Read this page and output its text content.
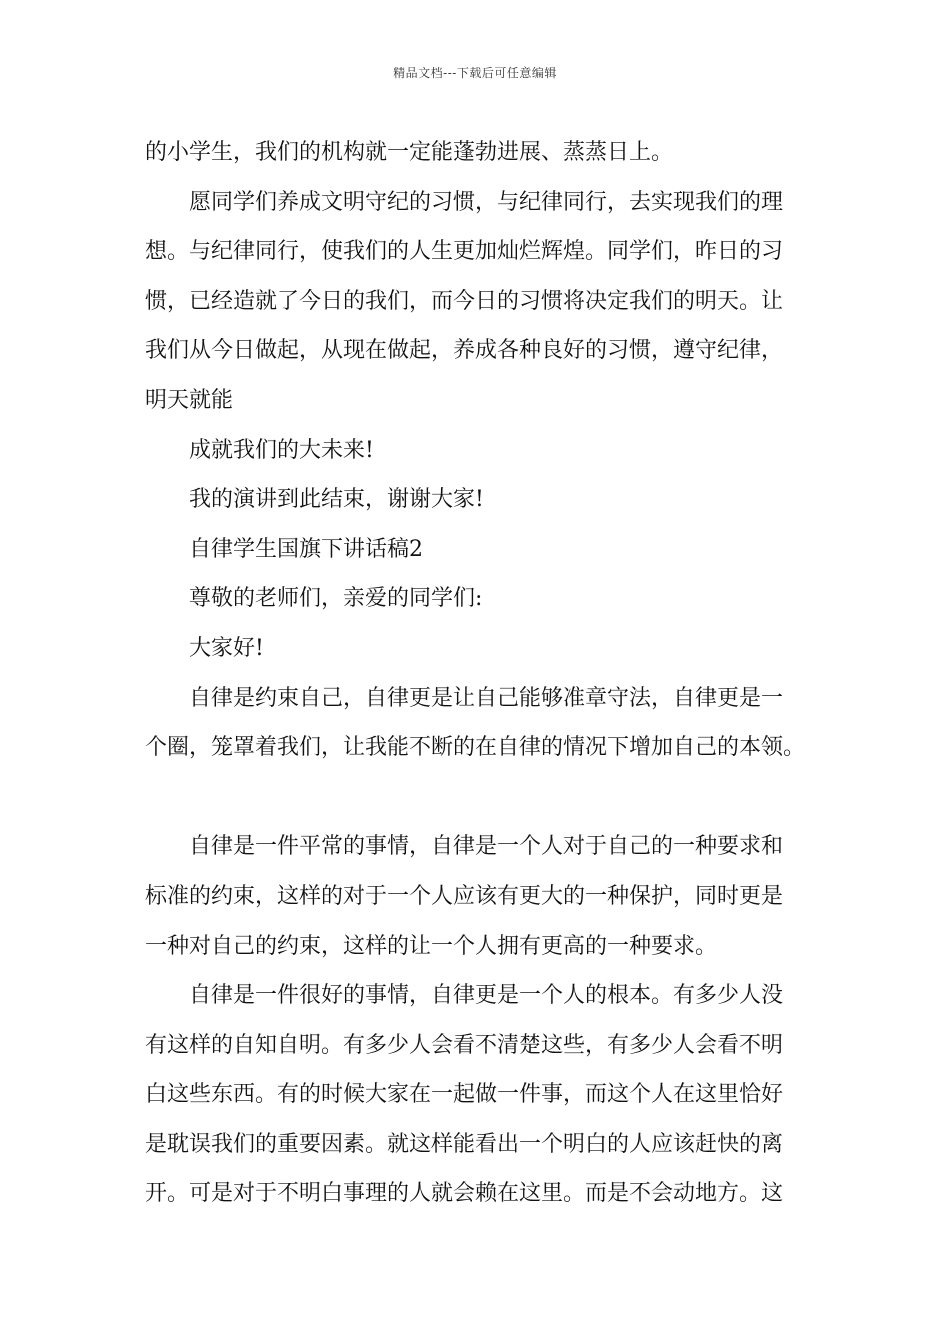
精品文档---下载后可任意编辑
的小学生，我们的机构就一定能蓬勃进展、蒸蒸日上。
愿同学们养成文明守纪的习惯，与纪律同行，去实现我们的理
想。与纪律同行，使我们的人生更加灿烂辉煌。同学们，昨日的习
惯，已经造就了今日的我们，而今日的习惯将决定我们的明天。让
我们从今日做起，从现在做起，养成各种良好的习惯，遵守纪律，
明天就能
成就我们的大未来!
我的演讲到此结束，谢谢大家!
自律学生国旗下讲话稿2
尊敬的老师们，亲爱的同学们:
大家好!
自律是约束自己，自律更是让自己能够准章守法，自律更是一
个圈，笼罩着我们，让我能不断的在自律的情况下增加自己的本领。
自律是一件平常的事情，自律是一个人对于自己的一种要求和
标准的约束，这样的对于一个人应该有更大的一种保护，同时更是
一种对自己的约束，这样的让一个人拥有更高的一种要求。
自律是一件很好的事情，自律更是一个人的根本。有多少人没
有这样的自知自明。有多少人会看不清楚这些，有多少人会看不明
白这些东西。有的时候大家在一起做一件事，而这个人在这里恰好
是耽误我们的重要因素。就这样能看出一个明白的人应该赶快的离
开。可是对于不明白事理的人就会赖在这里。而是不会动地方。这
